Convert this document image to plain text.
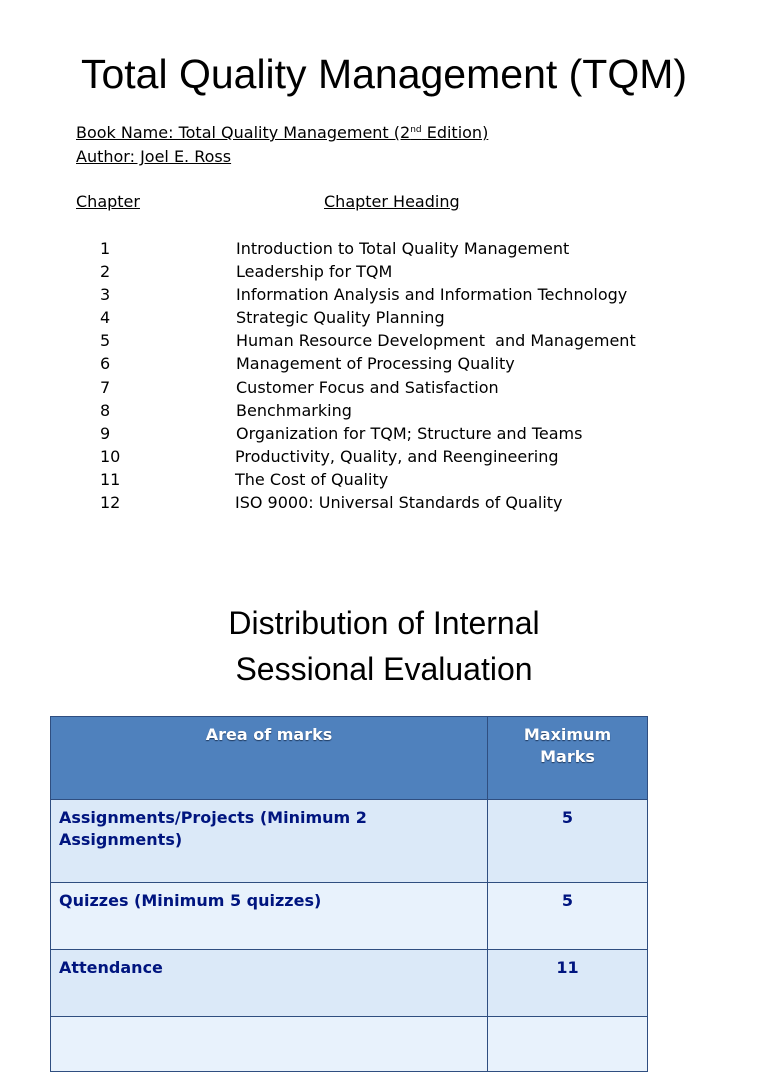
Total Quality Management (TQM)
Book Name: Total Quality Management (2nd Edition)
Author: Joel E. Ross
Chapter	Chapter Heading
1	Introduction to Total Quality Management
2	Leadership for TQM
3	Information Analysis and Information Technology
4	Strategic Quality Planning
5	Human Resource Development  and Management
6	Management of Processing Quality
7	Customer Focus and Satisfaction
8	Benchmarking
9	Organization for TQM; Structure and Teams
10	Productivity, Quality, and Reengineering
11	The Cost of Quality
12	ISO 9000: Universal Standards of Quality
Distribution of Internal
Sessional Evaluation
Area of marks	Maximum
Marks

Assignments/Projects (Minimum 2 Assignments)	5
Quizzes (Minimum 5 quizzes)	5
Attendance	11
